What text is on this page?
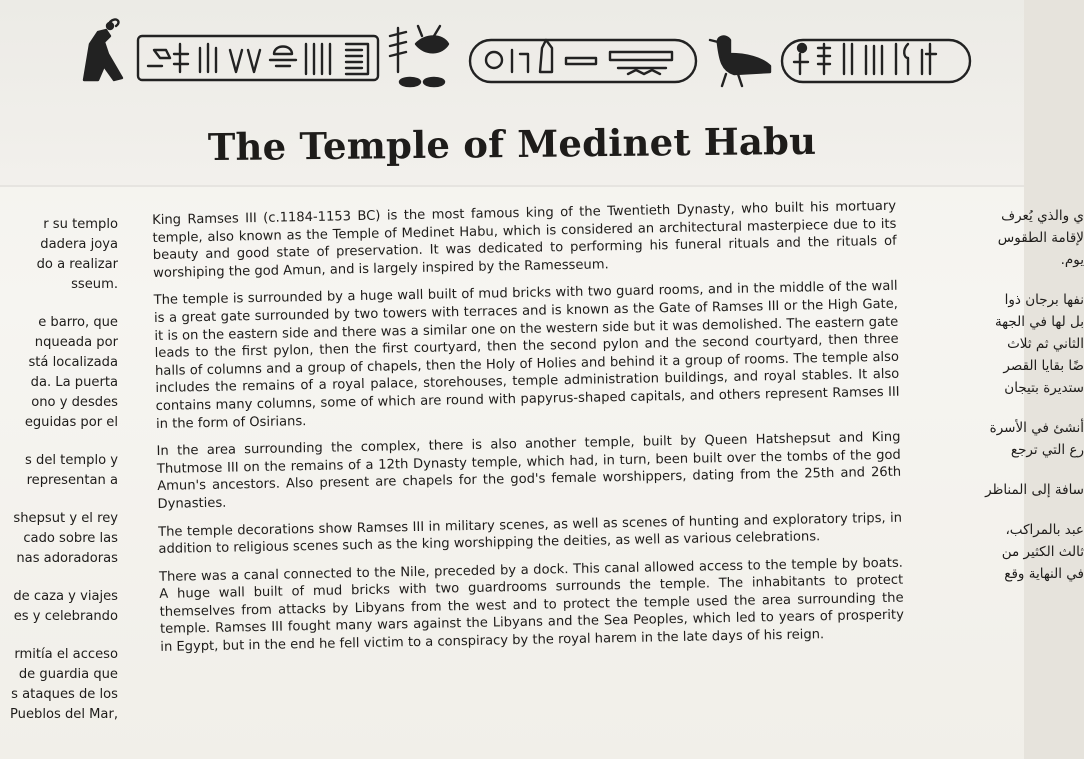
The Temple of Medinet Habu
r su templo
dadera joya
do a realizar
sseum.
e barro, que
nqueada por
stá localizada
da. La puerta
ono y desdes
eguidas por el
s del templo y
representan a
shepsut y el rey
cado sobre las
nas adoradoras
de caza y viajes
es y celebrando
rmitía el acceso
de guardia que
s ataques de los
Pueblos del Mar,

King Ramses III (c.1184-1153 BC) is the most famous king of the Twentieth Dynasty, who built his mortuary temple, also known as the Temple of Medinet Habu, which is considered an architectural masterpiece due to its beauty and good state of preservation. It was dedicated to performing his funeral rituals and the rituals of worshiping the god Amun, and is largely inspired by the Ramesseum.

The temple is surrounded by a huge wall built of mud bricks with two guard rooms, and in the middle of the wall is a great gate surrounded by two towers with terraces and is known as the Gate of Ramses III or the High Gate, it is on the eastern side and there was a similar one on the western side but it was demolished. The eastern gate leads to the first pylon, then the first courtyard, then the second pylon and the second courtyard, then three halls of columns and a group of chapels, then the Holy of Holies and behind it a group of rooms. The temple also includes the remains of a royal palace, storehouses, temple administration buildings, and royal stables. It also contains many columns, some of which are round with papyrus-shaped capitals, and others represent Ramses III in the form of Osirians.

In the area surrounding the complex, there is also another temple, built by Queen Hatshepsut and King Thutmose III on the remains of a 12th Dynasty temple, which had, in turn, been built over the tombs of the god Amun's ancestors. Also present are chapels for the god's female worshippers, dating from the 25th and 26th Dynasties.

The temple decorations show Ramses III in military scenes, as well as scenes of hunting and exploratory trips, in addition to religious scenes such as the king worshipping the deities, as well as various celebrations.

There was a canal connected to the Nile, preceded by a dock. This canal allowed access to the temple by boats. A huge wall built of mud bricks with two guardrooms surrounds the temple. The inhabitants to protect themselves from attacks by Libyans from the west and to protect the temple used the area surrounding the temple. Ramses III fought many wars against the Libyans and the Sea Peoples, which led to years of prosperity in Egypt, but in the end he fell victim to a conspiracy by the royal harem in the late days of his reign.

ي والذي يُعرف
لإقامة الطقوس
يوم.
نفها برجان ذوا
بل لها في الجهة
الثاني ثم ثلاث
ضًا بقايا القصر
ستديرة بتيجان
أنشئ في الأسرة
رع التي ترجع
سافة إلى المناظر
عبد بالمراكب،
ثالث الكثير من
في النهاية وقع
